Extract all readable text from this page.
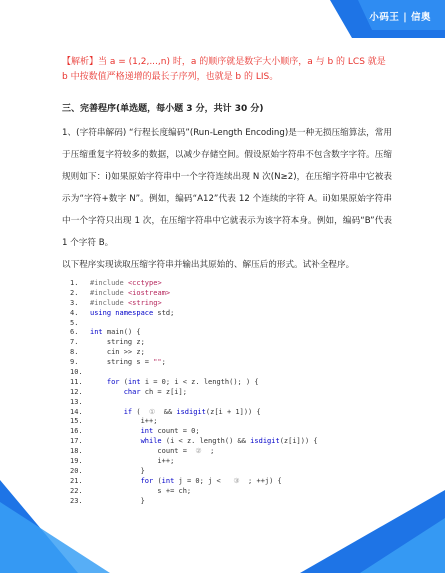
小码王 | 信奥

【解析】当 a = (1,2,...,n) 时，a 的顺序就是数字大小顺序，a 与 b 的 LCS 就是 b 中按数值严格递增的最长子序列，也就是 b 的 LIS。

三、完善程序(单选题，每小题 3 分，共计 30 分)

1、(字符串解码) “行程长度编码”(Run-Length Encoding)是一种无损压缩算法，常用于压缩重复字符较多的数据，以减少存储空间。假设原始字符串不包含数字字符。压缩规则如下：i)如果原始字符串中一个字符连续出现 N 次(N≥2)，在压缩字符串中它被表示为“字符+数字 N”。例如，编码“A12”代表 12 个连续的字符 A。ii)如果原始字符串中一个字符只出现 1 次，在压缩字符串中它就表示为该字符本身。例如，编码“B”代表 1 个字符 B。

以下程序实现读取压缩字符串并输出其原始的、解压后的形式。试补全程序。

1. #include <cctype>
2. #include <iostream>
3. #include <string>
4. using namespace std;
5.
6. int main() {
7.    string z;
8.    cin >> z;
9.    string s = "";
10.
11.	for (int i = 0; i < z. length(); ) {
12.	char ch = z[i];
13.
14.	if (  ①  && isdigit(z[i + 1])) {
15.            i++;
16.	int count = 0;
17.	while (i < z. length() && isdigit(z[i])) {
18.                count =  ②  ;
19.                i++;
20.            }
21.	for (int j = 0; j <   ③  ; ++j) {
22.                s += ch;
23.            }
